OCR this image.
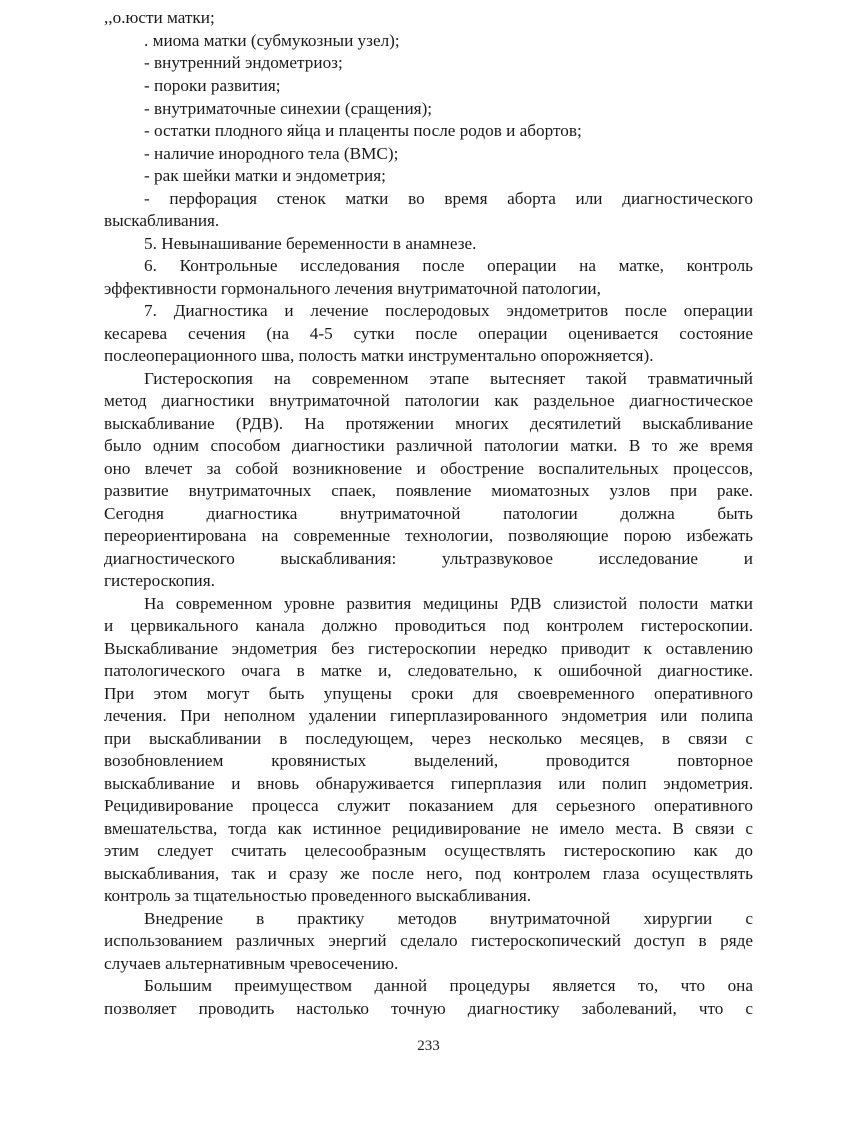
,,о.юсти матки;
. миома матки (субмукозныи узел);
- внутренний эндометриоз;
- пороки развития;
- внутриматочные синехии (сращения);
- остатки плодного яйца и плаценты после родов и абортов;
- наличие инородного тела (ВМС);
- рак шейки матки и эндометрия;
- перфорация стенок матки во время аборта или диагностического
выскабливания.
5. Невынашивание беременности в анамнезе.
6. Контрольные исследования после операции на матке, контроль
эффективности гормонального лечения внутриматочной патологии,
7. Диагностика и лечение послеродовых эндометритов после операции
кесарева сечения (на 4-5 сутки после операции оценивается состояние
послеоперационного шва, полость матки инструментально опорожняется).
Гистероскопия на современном этапе вытесняет такой травматичный
метод диагностики внутриматочной патологии как раздельное диагностическое
выскабливание (РДВ). На протяжении многих десятилетий выскабливание
было одним способом диагностики различной патологии матки. В то же время
оно влечет за собой возникновение и обострение воспалительных процессов,
развитие внутриматочных спаек, появление миоматозных узлов при раке.
Сегодня диагностика внутриматочной патологии должна быть
переориентирована на современные технологии, позволяющие порою избежать
диагностического выскабливания: ультразвуковое исследование и
гистероскопия.
На современном уровне развития медицины РДВ слизистой полости матки
и цервикального канала должно проводиться под контролем гистероскопии.
Выскабливание эндометрия без гистероскопии нередко приводит к оставлению
патологического очага в матке и, следовательно, к ошибочной диагностике.
При этом могут быть упущены сроки для своевременного оперативного
лечения. При неполном удалении гиперплазированного эндометрия или полипа
при выскабливании в последующем, через несколько месяцев, в связи с
возобновлением кровянистых выделений, проводится повторное
выскабливание и вновь обнаруживается гиперплазия или полип эндометрия.
Рецидивирование процесса служит показанием для серьезного оперативного
вмешательства, тогда как истинное рецидивирование не имело места. В связи с
этим следует считать целесообразным осуществлять гистероскопию как до
выскабливания, так и сразу же после него, под контролем глаза осуществлять
контроль за тщательностью проведенного выскабливания.
Внедрение в практику методов внутриматочной хирургии с
использованием различных энергий сделало гистероскопический доступ в ряде
случаев альтернативным чревосечению.
Большим преимуществом данной процедуры является то, что она
позволяет проводить настолько точную диагностику заболеваний, что с
233
